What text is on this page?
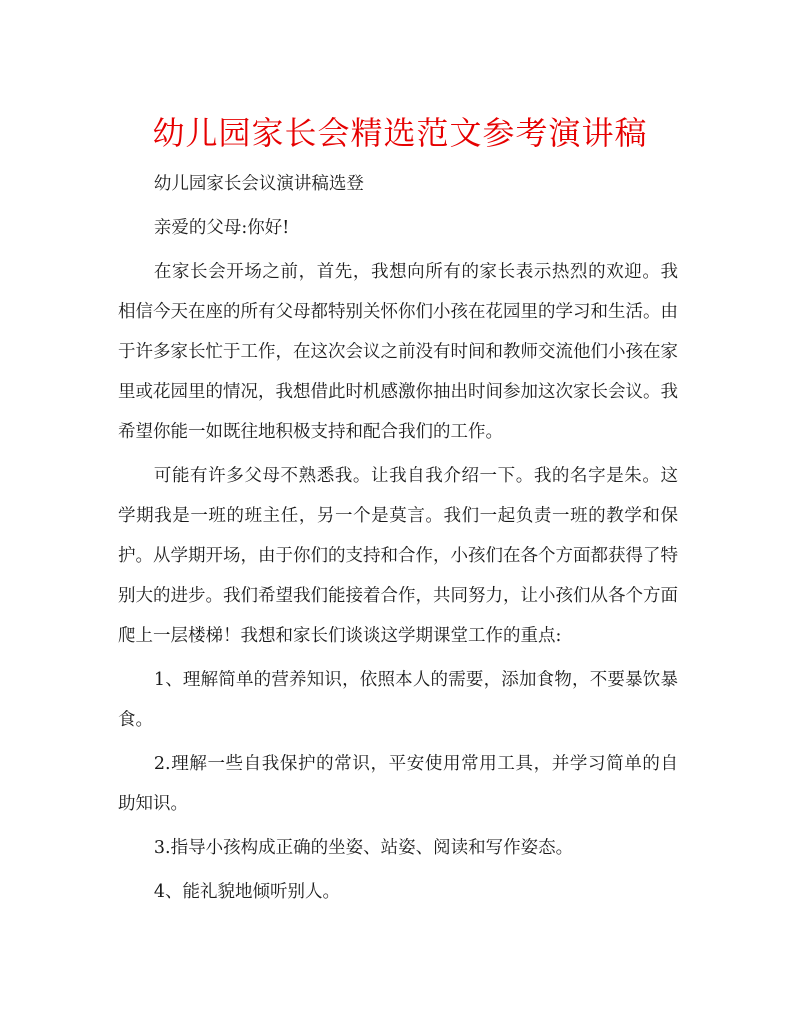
幼儿园家长会精选范文参考演讲稿

幼儿园家长会议演讲稿选登

亲爱的父母:你好!

在家长会开场之前，首先，我想向所有的家长表示热烈的欢迎。我相信今天在座的所有父母都特别关怀你们小孩在花园里的学习和生活。由于许多家长忙于工作，在这次会议之前没有时间和教师交流他们小孩在家里或花园里的情况，我想借此时机感激你抽出时间参加这次家长会议。我希望你能一如既往地积极支持和配合我们的工作。

可能有许多父母不熟悉我。让我自我介绍一下。我的名字是朱。这学期我是一班的班主任，另一个是莫言。我们一起负责一班的教学和保护。从学期开场，由于你们的支持和合作，小孩们在各个方面都获得了特别大的进步。我们希望我们能接着合作，共同努力，让小孩们从各个方面爬上一层楼梯！我想和家长们谈谈这学期课堂工作的重点:

1、理解简单的营养知识，依照本人的需要，添加食物，不要暴饮暴食。

2.理解一些自我保护的常识，平安使用常用工具，并学习简单的自助知识。

3.指导小孩构成正确的坐姿、站姿、阅读和写作姿态。

4、能礼貌地倾听别人。
